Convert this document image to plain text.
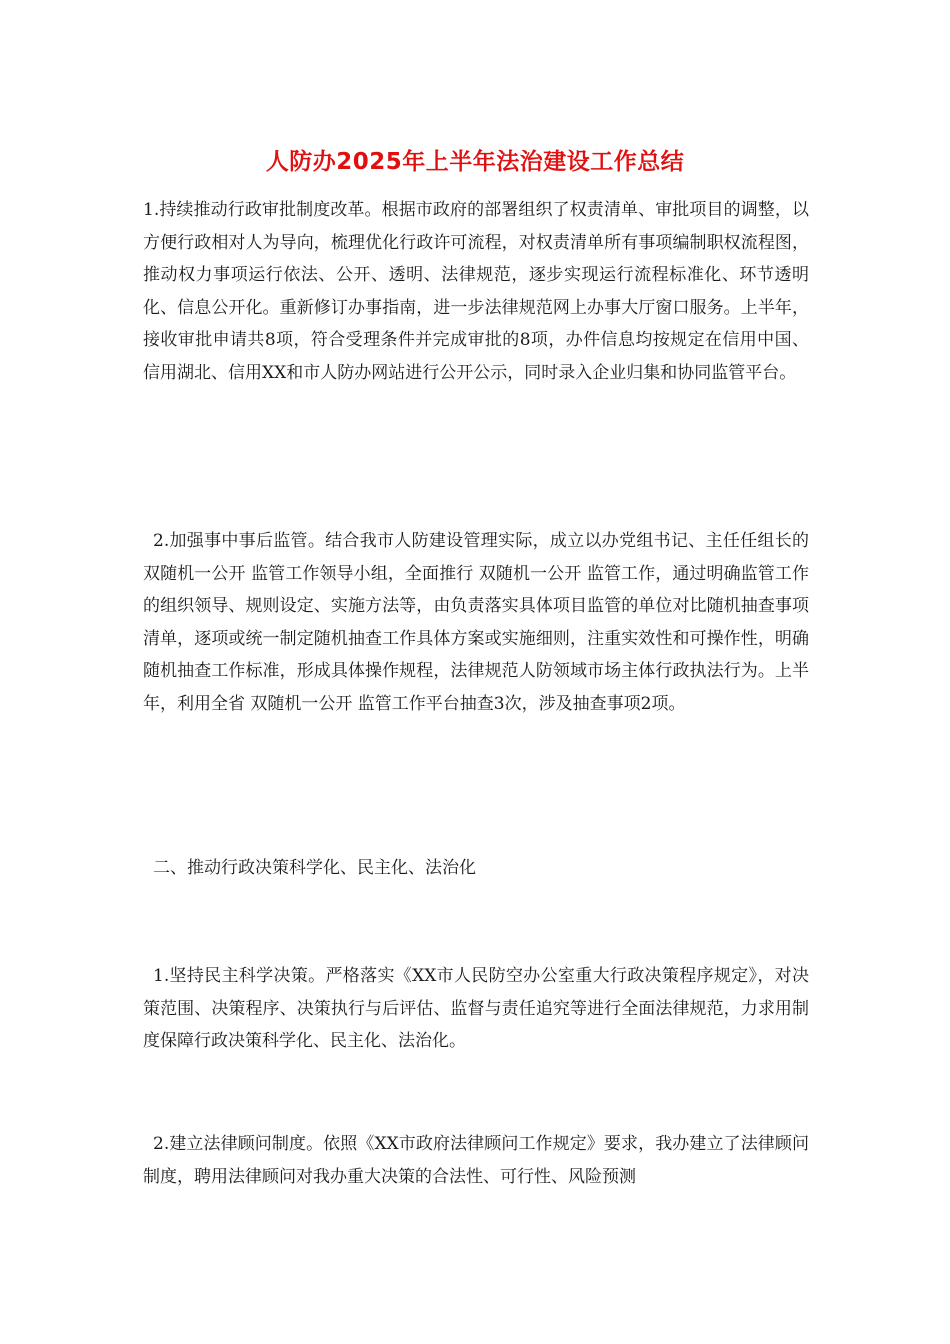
人防办2025年上半年法治建设工作总结

1.持续推动行政审批制度改革。根据市政府的部署组织了权责清单、审批项目的调整，以方便行政相对人为导向，梳理优化行政许可流程，对权责清单所有事项编制职权流程图，推动权力事项运行依法、公开、透明、法律规范，逐步实现运行流程标准化、环节透明化、信息公开化。重新修订办事指南，进一步法律规范网上办事大厅窗口服务。上半年，接收审批申请共8项，符合受理条件并完成审批的8项，办件信息均按规定在信用中国、信用湖北、信用XX和市人防办网站进行公开公示，同时录入企业归集和协同监管平台。

2.加强事中事后监管。结合我市人防建设管理实际，成立以办党组书记、主任任组长的 双随机一公开 监管工作领导小组，全面推行 双随机一公开 监管工作，通过明确监管工作的组织领导、规则设定、实施方法等，由负责落实具体项目监管的单位对比随机抽查事项清单，逐项或统一制定随机抽查工作具体方案或实施细则，注重实效性和可操作性，明确随机抽查工作标准，形成具体操作规程，法律规范人防领域市场主体行政执法行为。上半年，利用全省 双随机一公开 监管工作平台抽查3次，涉及抽查事项2项。

二、推动行政决策科学化、民主化、法治化

1.坚持民主科学决策。严格落实《XX市人民防空办公室重大行政决策程序规定》，对决策范围、决策程序、决策执行与后评估、监督与责任追究等进行全面法律规范，力求用制度保障行政决策科学化、民主化、法治化。

2.建立法律顾问制度。依照《XX市政府法律顾问工作规定》要求，我办建立了法律顾问制度，聘用法律顾问对我办重大决策的合法性、可行性、风险预测
